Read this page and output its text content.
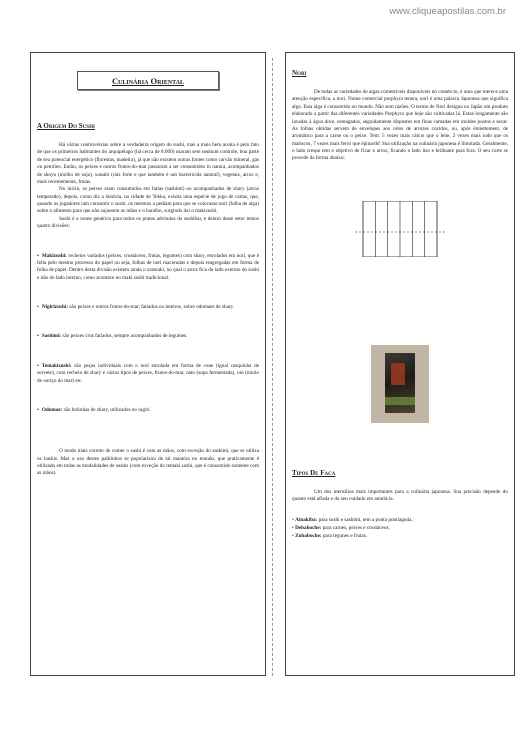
www.cliqueapostilas.com.br
Culinária Oriental
A Origem Do Sushi

Há várias controvérsias sobre a verdadeira origem do sushi, mas a mais bem aceita é pelo fato de que os primeiros habitantes do arquipélago (há cerca de 8.000) usaram sem nenhum controle, boa parte de seu potencial energético (florestas, madeira), já que não existem outras fontes como carvão mineral, gás ou petróleo. Então, os peixes e outros frutos-do-mar passaram a ser consumidos in natura, acompanhados de shoyu (molho de soja), wasabi (raiz forte e que também é um bactericida natural), vegetais, arroz e, mais recentemente, frutas.

No início, os peixes eram consumidos em fatias (sashimi) ou acompanhados de shary (arroz temperado), depois, como diz a história, na cidade de Tekka, existia uma espécie de jogo de cartas, que, quando os jogadores iam consumir o sushi, os mesmos a pediam para que se colocasse nori (folha de alga) sobre o alimento para que não sujassem as mãos e o baralho, surgindo daí o makizushi.

Sushi é o nome genérico para todos os pratos advindos do sushibar, e dentro deste setor temos quatro divisões:

• Makizushi: recheios variados (peixes, crustáceos, frutas, legumes) com shary, enrolados em nori, que é feita pelo mesmo processo do papel ou seja, folhas de nori maceradas e depois reagregadas em forma de folha de papel. Dentro desta divisão existem ainda o uramaki, no qual o arroz fica do lado externo do sushi e não do lado interno, como acontece no maki sushi tradicional.

• Nigirizushi: são peixes e outros frutos-do-mar, fatiados ou inteiros, sobre odomaes de shary.

• Sashimi: são peixes crus fatiados, sempre acompanhados de legumes.

• Temakizushi: são peças individuais com o nori enrolada em forma de cone (igual casquinha de sorvete), com recheio de shary e vários tipos de peixes, frutos-do-mar, nato (sopa fermentada), uni (miolo de ouriço do mar) etc.

• Odomae: são bolinhas de shary, utilizados no nigiri.

O modo mais correto de comer o sushi é com as mãos, com exceção do sashimi, que se utiliza os hashis. Mas o uso destes palitinhos se popularizou de tal maneira no mundo, que praticamente é utilizado em todas as modalidades de sushis (com exceção do temaki sushi, que é consumido somente com as mãos).

Nori

De todas as variedades de algas comestíveis disponíveis no comércio, é uma que merece uma atenção específica, a nori. Nome comercial porphyra tenera, nori é uma palavra Japonesa que significa alga. Esta alga é consumido no mundo. Não sem razões. O termo de Nori designa no Japão um produto elaborado a partir das diferentes variedades Porphyra que hoje são cultivadas lá. Estas longamente são lavadas à água doce, esmagados, seguidamente dispostos em finas camadas em moldes postos a secar. As folhas obtidas servem de envelopes aos rolos de arrozes cozidos, ou, após émiettement, de aromático para a carne ou o peixe. Tem: 5 vezes mais cálcio que o leite, 2 vezes mais iodo que os mariscos, 7 vezes mais ferro que épinards! Sua utilização na culinária japonesa é ilimitada. Geralmente, o lado crespo tem o objetivo de fixar o arroz, ficando o lado liso e brilhante para fora. O seu corte se procede da forma abaixo:

Tipos De Faca

Um dos utensílios mais importantes para a culinária japonesa. Sua precisão depende do quanto está afiada e do seu cuidado em amolá-la.

• Ainakiba: para sushi e sashimi, tem a ponta pontiaguda.
• Debahoche: para carnes, peixes e crustáceos.
• Zubaboche: para legunes e frutas.
